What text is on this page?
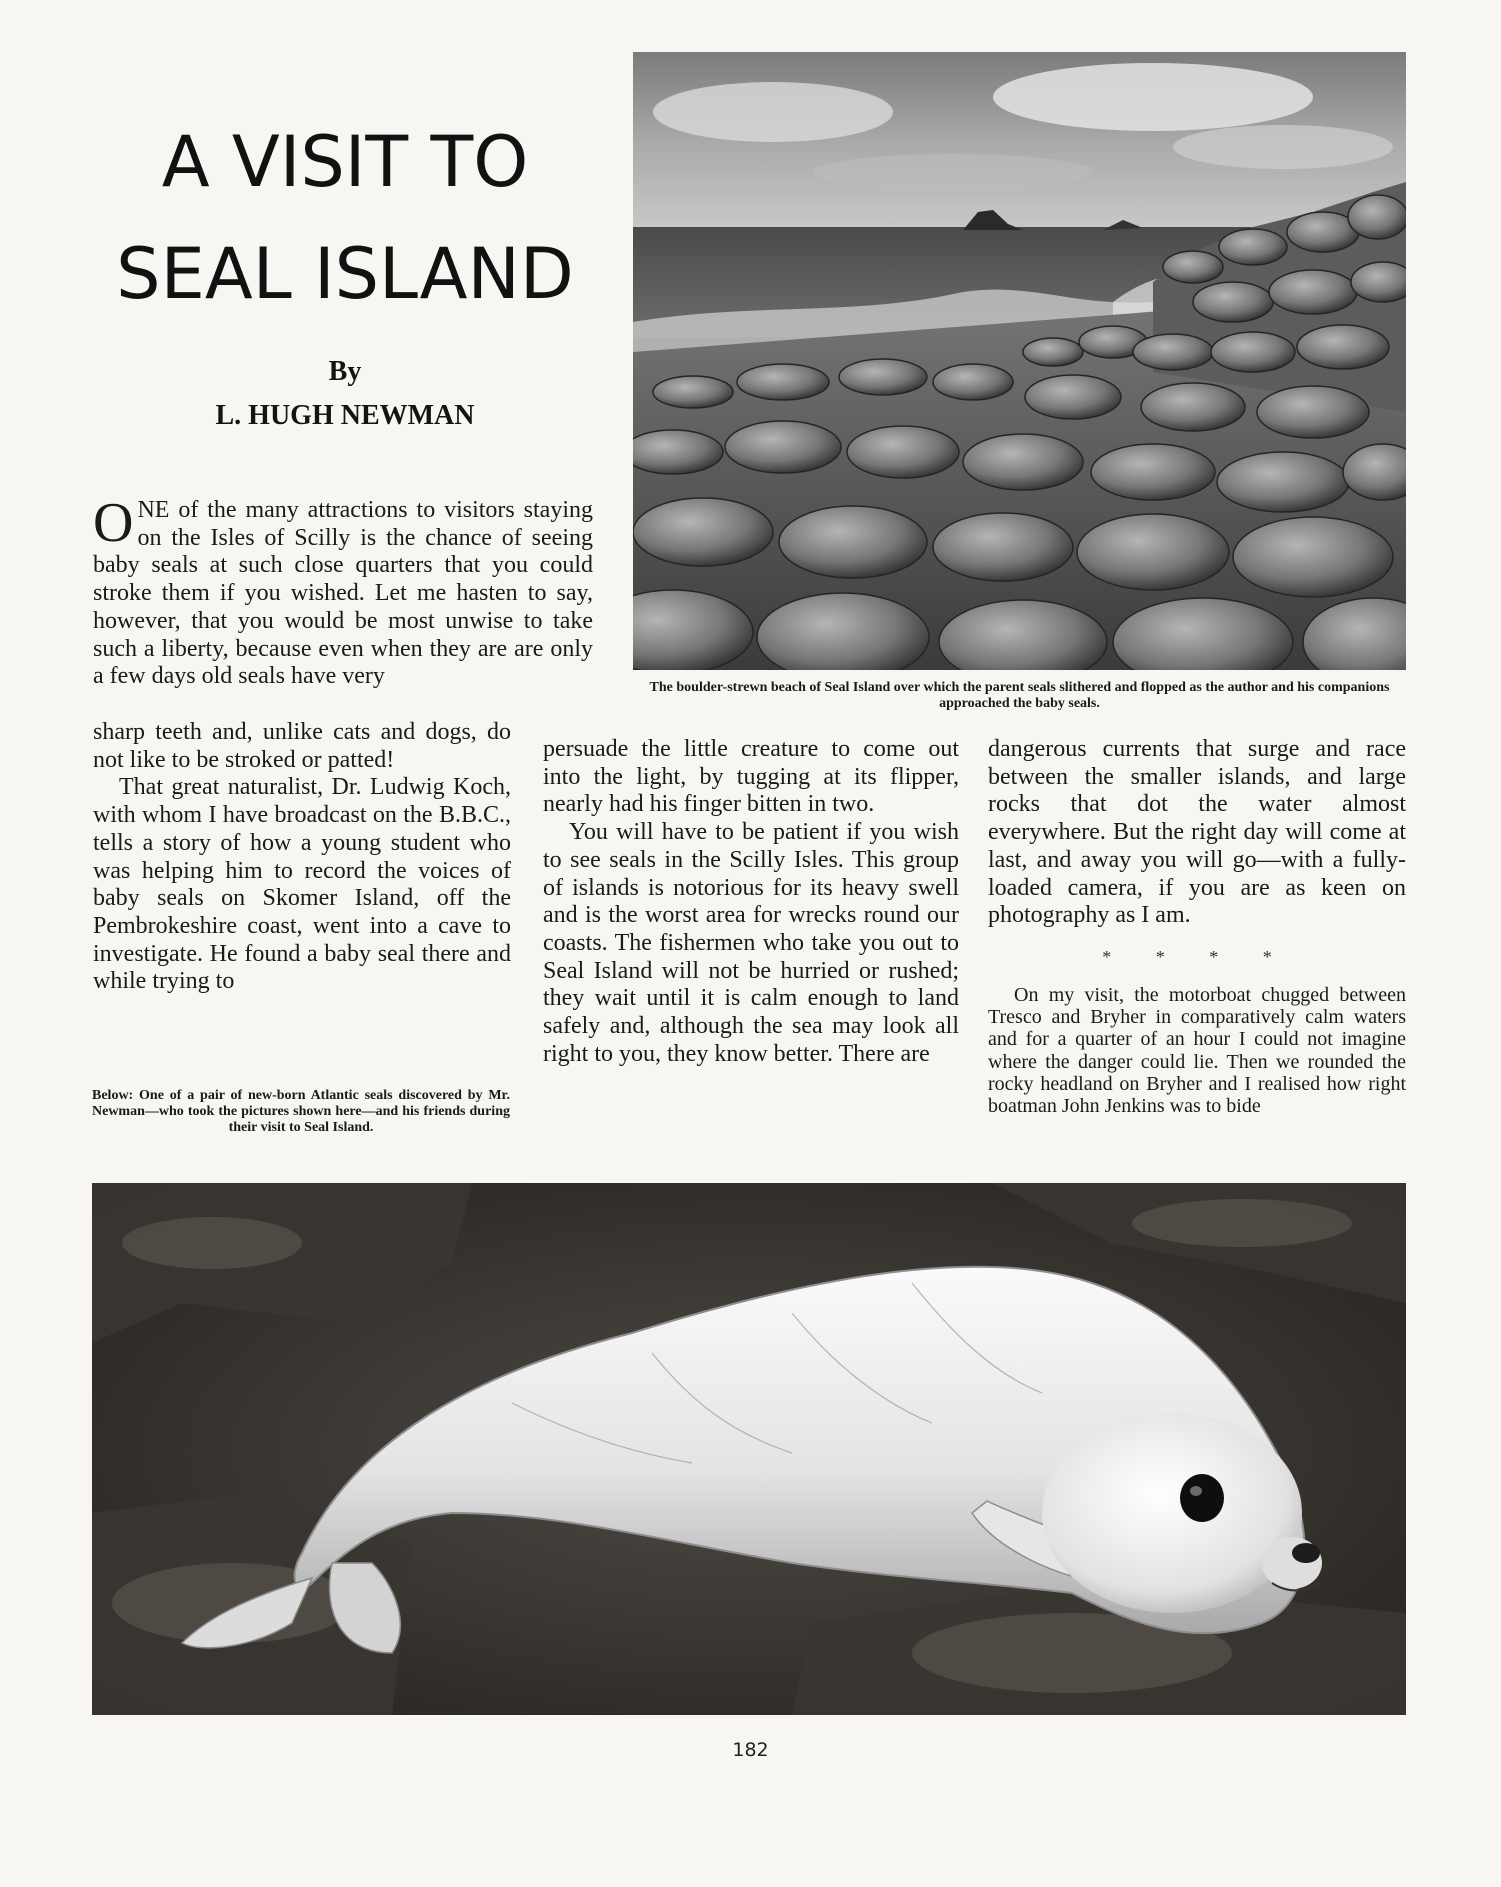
A VISIT TO
SEAL ISLAND
By
L. HUGH NEWMAN
The boulder-strewn beach of Seal Island over which the parent seals slithered and flopped as the author and his companions approached the baby seals.

ONE of the many attractions to visitors staying on the Isles of Scilly is the chance of seeing baby seals at such close quarters that you could stroke them if you wished. Let me hasten to say, however, that you would be most unwise to take such a liberty, because even when they are are only a few days old seals have very

sharp teeth and, unlike cats and dogs, do not like to be stroked or patted!

That great naturalist, Dr. Ludwig Koch, with whom I have broadcast on the B.B.C., tells a story of how a young student who was helping him to record the voices of baby seals on Skomer Island, off the Pembrokeshire coast, went into a cave to investigate. He found a baby seal there and while trying to

Below: One of a pair of new-born Atlantic seals discovered by Mr. Newman—who took the pictures shown here—and his friends during their visit to Seal Island.

persuade the little creature to come out into the light, by tugging at its flipper, nearly had his finger bitten in two.

You will have to be patient if you wish to see seals in the Scilly Isles. This group of islands is notorious for its heavy swell and is the worst area for wrecks round our coasts. The fishermen who take you out to Seal Island will not be hurried or rushed; they wait until it is calm enough to land safely and, although the sea may look all right to you, they know better. There are

dangerous currents that surge and race between the smaller islands, and large rocks that dot the water almost everywhere. But the right day will come at last, and away you will go—with a fully-loaded camera, if you are as keen on photography as I am.

* * * *

On my visit, the motorboat chugged between Tresco and Bryher in comparatively calm waters and for a quarter of an hour I could not imagine where the danger could lie. Then we rounded the rocky headland on Bryher and I realised how right boatman John Jenkins was to bide

182
